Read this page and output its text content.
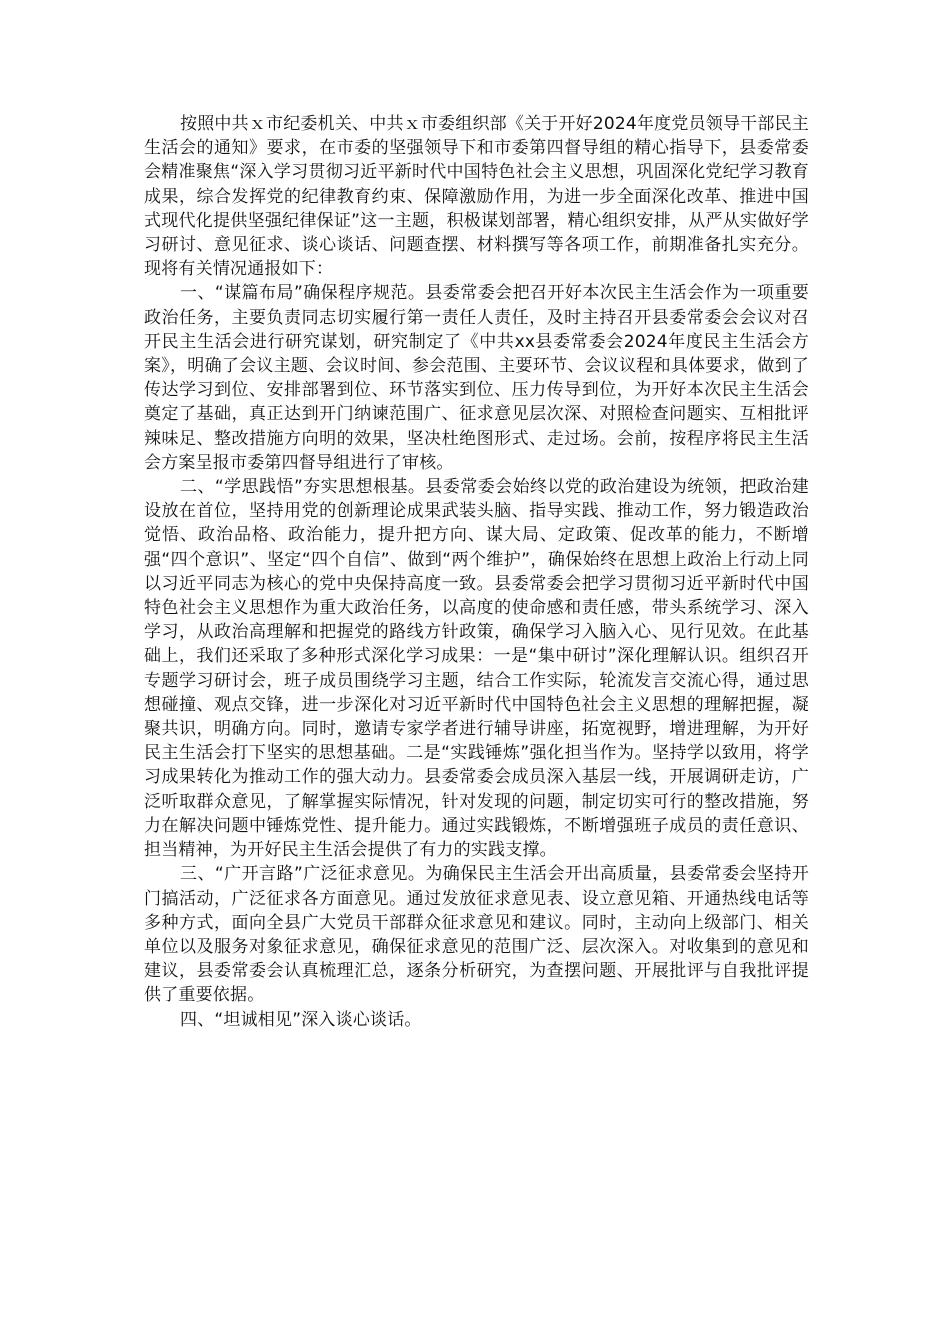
按照中共ｘ市纪委机关、中共ｘ市委组织部《关于开好2024年度党员领导干部民主生活会的通知》要求，在市委的坚强领导下和市委第四督导组的精心指导下，县委常委会精准聚焦“深入学习贯彻习近平新时代中国特色社会主义思想，巩固深化党纪学习教育成果，综合发挥党的纪律教育约束、保障激励作用，为进一步全面深化改革、推进中国式现代化提供坚强纪律保证”这一主题，积极谋划部署，精心组织安排，从严从实做好学习研讨、意见征求、谈心谈话、问题查摆、材料撰写等各项工作，前期准备扎实充分。现将有关情况通报如下：

一、“谋篇布局”确保程序规范。县委常委会把召开好本次民主生活会作为一项重要政治任务，主要负责同志切实履行第一责任人责任，及时主持召开县委常委会会议对召开民主生活会进行研究谋划，研究制定了《中共xx县委常委会2024年度民主生活会方案》，明确了会议主题、会议时间、参会范围、主要环节、会议议程和具体要求，做到了传达学习到位、安排部署到位、环节落实到位、压力传导到位，为开好本次民主生活会奠定了基础，真正达到开门纳谏范围广、征求意见层次深、对照检查问题实、互相批评辣味足、整改措施方向明的效果，坚决杜绝图形式、走过场。会前，按程序将民主生活会方案呈报市委第四督导组进行了审核。

二、“学思践悟”夯实思想根基。县委常委会始终以党的政治建设为统领，把政治建设放在首位，坚持用党的创新理论成果武装头脑、指导实践、推动工作，努力锻造政治觉悟、政治品格、政治能力，提升把方向、谋大局、定政策、促改革的能力，不断增强“四个意识”、坚定“四个自信”、做到“两个维护”，确保始终在思想上政治上行动上同以习近平同志为核心的党中央保持高度一致。县委常委会把学习贯彻习近平新时代中国特色社会主义思想作为重大政治任务，以高度的使命感和责任感，带头系统学习、深入学习，从政治高理解和把握党的路线方针政策，确保学习入脑入心、见行见效。在此基础上，我们还采取了多种形式深化学习成果：一是“集中研讨”深化理解认识。组织召开专题学习研讨会，班子成员围绕学习主题，结合工作实际，轮流发言交流心得，通过思想碰撞、观点交锋，进一步深化对习近平新时代中国特色社会主义思想的理解把握，凝聚共识，明确方向。同时，邀请专家学者进行辅导讲座，拓宽视野，增进理解，为开好民主生活会打下坚实的思想基础。二是“实践锤炼”强化担当作为。坚持学以致用，将学习成果转化为推动工作的强大动力。县委常委会成员深入基层一线，开展调研走访，广泛听取群众意见，了解掌握实际情况，针对发现的问题，制定切实可行的整改措施，努力在解决问题中锤炼党性、提升能力。通过实践锻炼，不断增强班子成员的责任意识、担当精神，为开好民主生活会提供了有力的实践支撑。

三、“广开言路”广泛征求意见。为确保民主生活会开出高质量，县委常委会坚持开门搞活动，广泛征求各方面意见。通过发放征求意见表、设立意见箱、开通热线电话等多种方式，面向全县广大党员干部群众征求意见和建议。同时，主动向上级部门、相关单位以及服务对象征求意见，确保征求意见的范围广泛、层次深入。对收集到的意见和建议，县委常委会认真梳理汇总，逐条分析研究，为查摆问题、开展批评与自我批评提供了重要依据。

四、“坦诚相见”深入谈心谈话。
